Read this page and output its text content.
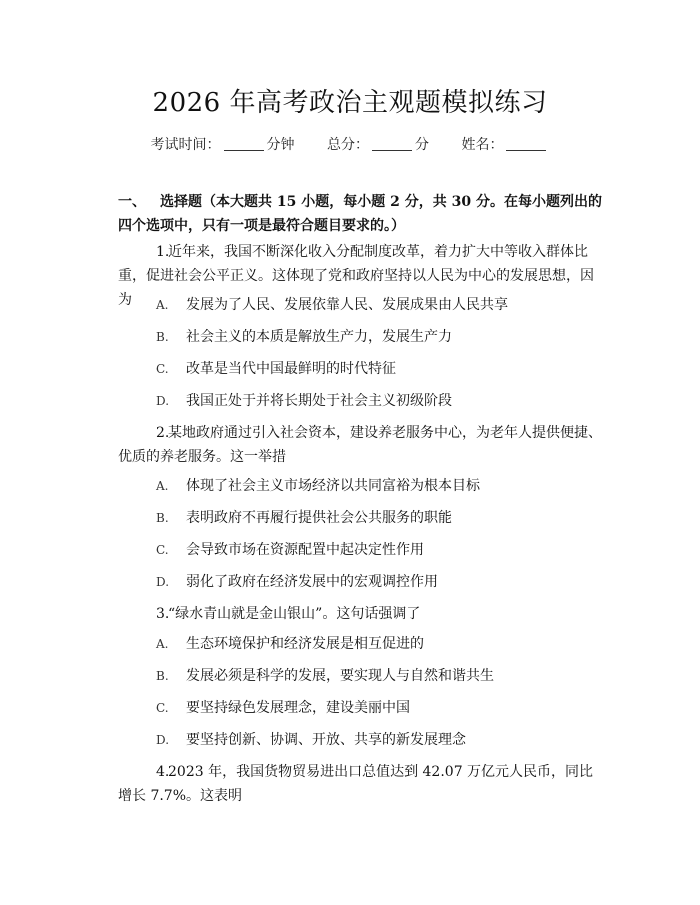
2026 年高考政治主观题模拟练习
考试时间：	分钟 总分：	分 姓名：
一、 选择题（本大题共 15 小题，每小题 2 分，共 30 分。在每小题列出的四个选项中，只有一项是最符合题目要求的。）
1.近年来，我国不断深化收入分配制度改革，着力扩大中等收入群体比重，促进社会公平正义。这体现了党和政府坚持以人民为中心的发展思想，因为	A. 发展为了人民、发展依靠人民、发展成果由人民共享
B. 社会主义的本质是解放生产力，发展生产力
C. 改革是当代中国最鲜明的时代特征
D. 我国正处于并将长期处于社会主义初级阶段
2.某地政府通过引入社会资本，建设养老服务中心，为老年人提供便捷、优质的养老服务。这一举措
A. 体现了社会主义市场经济以共同富裕为根本目标
B. 表明政府不再履行提供社会公共服务的职能
C. 会导致市场在资源配置中起决定性作用
D. 弱化了政府在经济发展中的宏观调控作用
3.“绿水青山就是金山银山”。这句话强调了
A. 生态环境保护和经济发展是相互促进的
B. 发展必须是科学的发展，要实现人与自然和谐共生
C. 要坚持绿色发展理念，建设美丽中国
D. 要坚持创新、协调、开放、共享的新发展理念
4.2023 年，我国货物贸易进出口总值达到 42.07 万亿元人民币，同比增长 7.7%。这表明
